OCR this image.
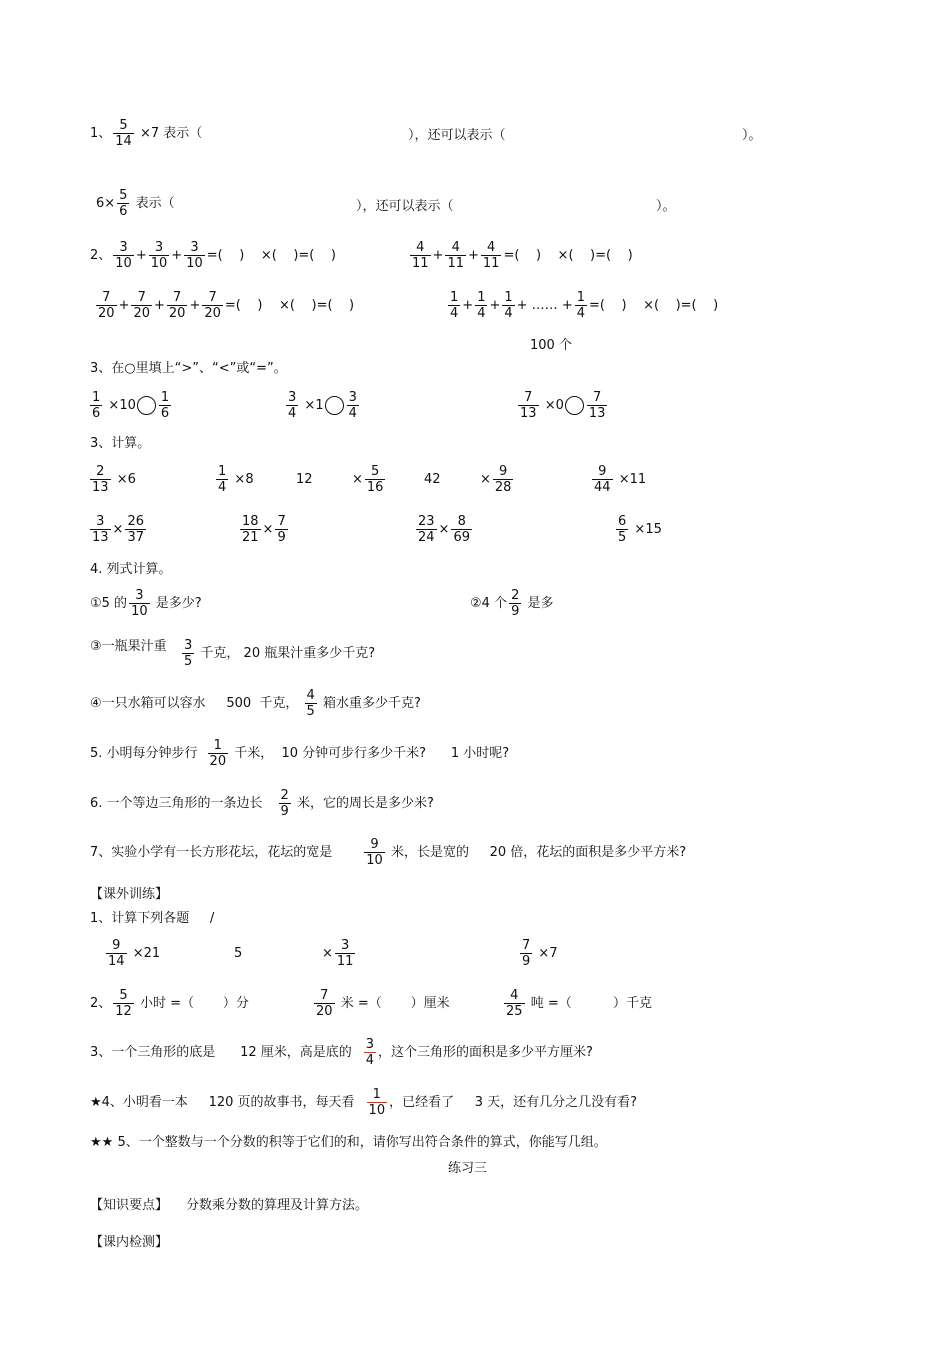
1、 $\frac{5}{14} \times 7$ 表示（	），还可以表示（	）。
$6\times \frac{5}{6}$ 表示（	），还可以表示（	）。
2、 $\frac{3}{10} + \frac{3}{10} + \frac{3}{10}$ =(    )    ×(    )=(    )	$\frac{4}{11} + \frac{4}{11} + \frac{4}{11}$ =(    )    ×(    )=(    )
$\frac{7}{20} + \frac{7}{20} + \frac{7}{20} + \frac{7}{20}$ =(    )    ×(    )=(    )	$\frac{1}{4} + \frac{1}{4} + \frac{1}{4}$ + …… + $\frac{1}{4}$ =(    )    ×(    )=(    )
100 个
3、在○里填上“>”、“<”或“=”。
$\frac{1}{6} \times 10 \frac{1}{6}$	$\frac{3}{4} \times 1 \frac{3}{4}$	$\frac{7}{13} \times 0 \frac{7}{13}$
3、计算。
$\frac{2}{13} \times 6$	$\frac{1}{4} \times 8$	12	× $\frac{5}{16}$	42	× $\frac{9}{28}$	$\frac{9}{44} \times 11$
$\frac{3}{13} \times \frac{26}{37}$	$\frac{18}{21} \times \frac{7}{9}$	$\frac{23}{24} \times \frac{8}{69}$	$\frac{6}{5} \times 15$
4. 列式计算。
①5 的 $\frac{3}{10}$ 是多少?	②4 个 $\frac{2}{9}$ 是多
③一瓶果汁重	$\frac{3}{5}$ 千克， 20 瓶果汁重多少千克?
④一只水箱可以容水     500  千克， $\frac{4}{5}$ 箱水重多少千克?
5. 小明每分钟步行 $\frac{1}{20}$ 千米，  10 分钟可步行多少千米?      1 小时呢?
6. 一个等边三角形的一条边长 $\frac{2}{9}$ 米，它的周长是多少米?
7、实验小学有一长方形花坛，花坛的宽是 $\frac{9}{10}$ 米，长是宽的     20 倍，花坛的面积是多少平方米?
【课外训练】
1、计算下列各题     /
$\frac{9}{14} \times 21$	5	× $\frac{3}{11}$	$\frac{7}{9} \times 7$
2、 $\frac{5}{12}$ 小时 =（       ）分	$\frac{7}{20}$ 米 =（       ）厘米	$\frac{4}{25}$ 吨 =（          ）千克
3、一个三角形的底是      12 厘米，高是底的 $\frac{3}{4}$ ，这个三角形的面积是多少平方厘米?
★4、小明看一本     120 页的故事书，每天看 $\frac{1}{10}$ ，已经看了     3 天，还有几分之几没有看?
★★ 5、一个整数与一个分数的积等于它们的和，请你写出符合条件的算式，你能写几组。
练习三
【知识要点】 分数乘分数的算理及计算方法。
【课内检测】
